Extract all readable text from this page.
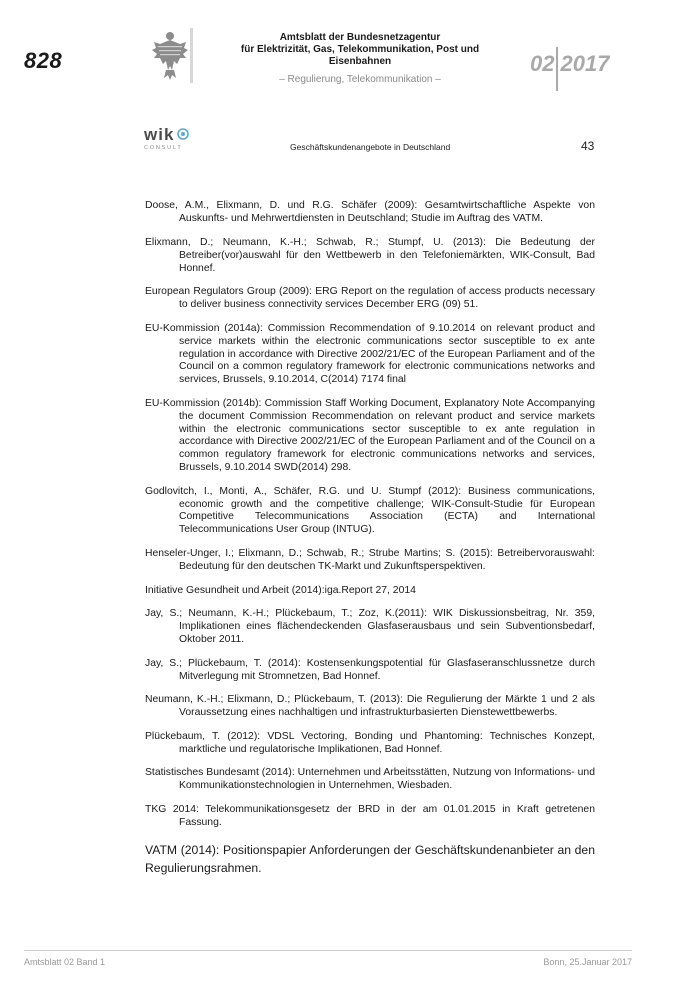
828
Amtsblatt der Bundesnetzagentur
für Elektrizität, Gas, Telekommunikation, Post und Eisenbahnen
– Regulierung, Telekommunikation –
02 2017
wik
CONSULT	Geschäftskundenangebote in Deutschland	43

Doose, A.M., Elixmann, D. und R.G. Schäfer (2009): Gesamtwirtschaftliche Aspekte von Auskunfts- und Mehrwertdiensten in Deutschland; Studie im Auftrag des VATM.

Elixmann, D.; Neumann, K.-H.; Schwab, R.; Stumpf, U. (2013): Die Bedeutung der Betreiber(vor)auswahl für den Wettbewerb in den Telefoniemärkten, WIK-Consult, Bad Honnef.

European Regulators Group (2009): ERG Report on the regulation of access products necessary to deliver business connectivity services December ERG (09) 51.

EU-Kommission (2014a): Commission Recommendation of 9.10.2014 on relevant product and service markets within the electronic communications sector susceptible to ex ante regulation in accordance with Directive 2002/21/EC of the European Parliament and of the Council on a common regulatory framework for electronic communications networks and services, Brussels, 9.10.2014, C(2014) 7174 final

EU-Kommission (2014b): Commission Staff Working Document, Explanatory Note Accompanying the document Commission Recommendation on relevant product and service markets within the electronic communications sector susceptible to ex ante regulation in accordance with Directive 2002/21/EC of the European Parliament and of the Council on a common regulatory framework for electronic communications networks and services, Brussels, 9.10.2014 SWD(2014) 298.

Godlovitch, I., Monti, A., Schäfer, R.G. und U. Stumpf (2012): Business communications, economic growth and the competitive challenge; WIK-Consult-Studie für European Competitive Telecommunications Association (ECTA) and International Telecommunications User Group (INTUG).

Henseler-Unger, I.; Elixmann, D.; Schwab, R.; Strube Martins; S. (2015): Betreibervorauswahl: Bedeutung für den deutschen TK-Markt und Zukunftsperspektiven.

Initiative Gesundheit und Arbeit (2014):iga.Report 27, 2014

Jay, S.; Neumann, K.-H.; Plückebaum, T.; Zoz, K.(2011): WIK Diskussionsbeitrag, Nr. 359, Implikationen eines flächendeckenden Glasfaserausbaus und sein Subventionsbedarf, Oktober 2011.

Jay, S.; Plückebaum, T. (2014): Kostensenkungspotential für Glasfaseranschlussnetze durch Mitverlegung mit Stromnetzen, Bad Honnef.

Neumann, K.-H.; Elixmann, D.; Plückebaum, T. (2013): Die Regulierung der Märkte 1 und 2 als Voraussetzung eines nachhaltigen und infrastrukturbasierten Dienstewettbewerbs.

Plückebaum, T. (2012): VDSL Vectoring, Bonding und Phantoming: Technisches Konzept, marktliche und regulatorische Implikationen, Bad Honnef.

Statistisches Bundesamt (2014): Unternehmen und Arbeitsstätten, Nutzung von Informations- und Kommunikationstechnologien in Unternehmen, Wiesbaden.

TKG 2014: Telekommunikationsgesetz der BRD in der am 01.01.2015 in Kraft getretenen Fassung.

VATM (2014): Positionspapier Anforderungen der Geschäftskundenanbieter an den Regulierungsrahmen.

Amtsblatt 02 Band 1	Bonn, 25.Januar 2017
